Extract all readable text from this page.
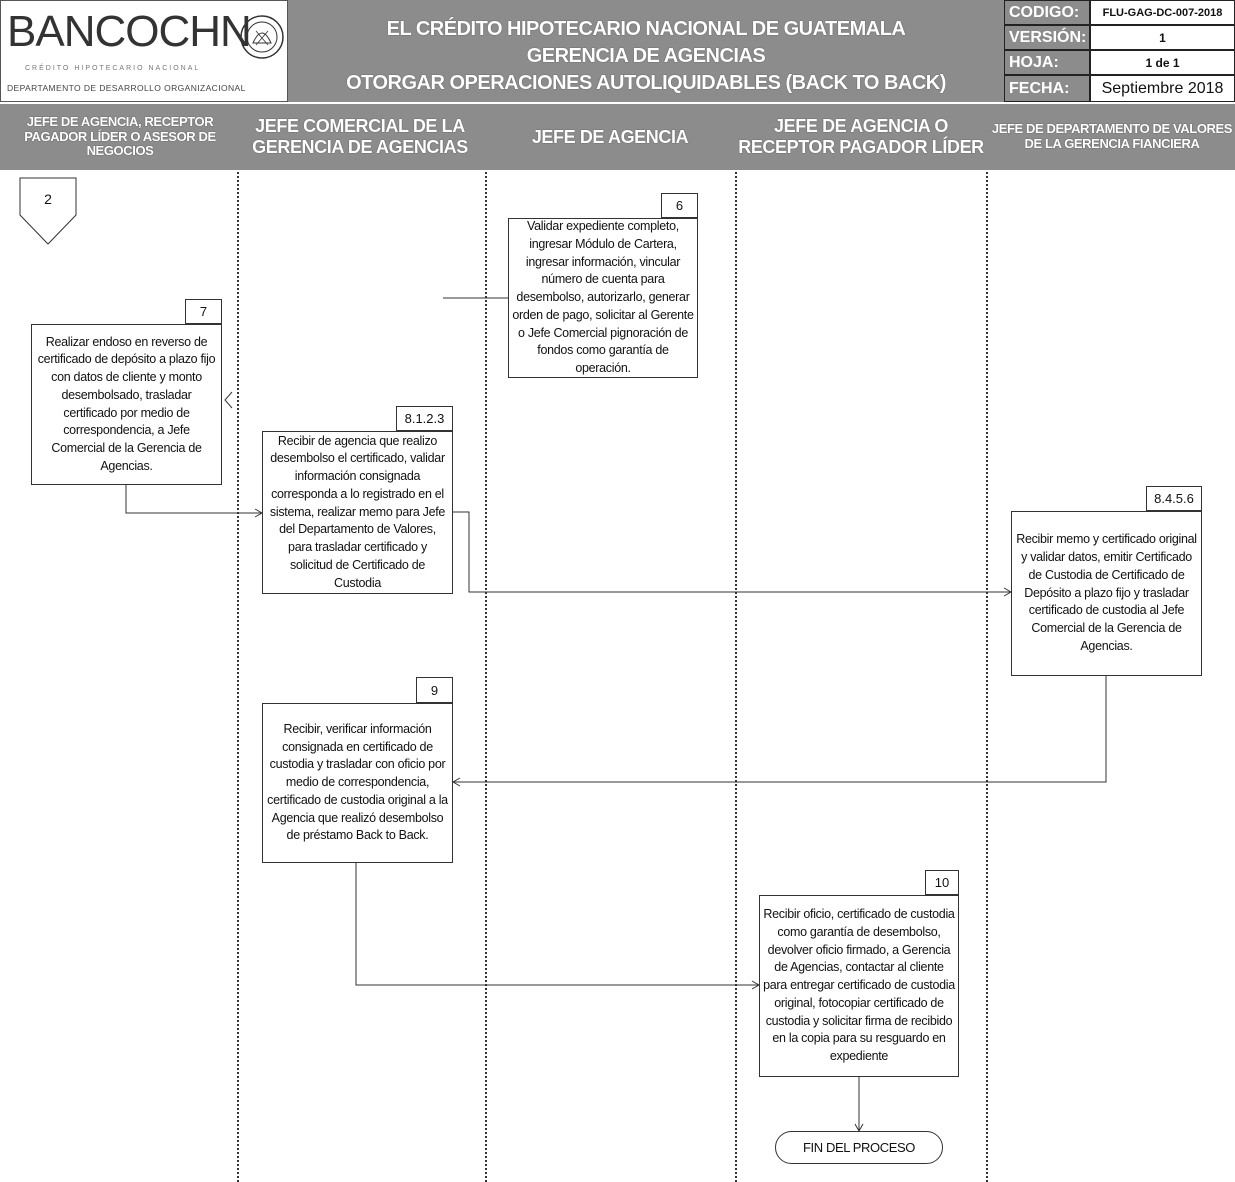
BANCOCHN
CRÉDITO HIPOTECARIO NACIONAL
DEPARTAMENTO DE DESARROLLO ORGANIZACIONAL
EL CRÉDITO HIPOTECARIO NACIONAL DE GUATEMALA
GERENCIA DE AGENCIAS
OTORGAR OPERACIONES AUTOLIQUIDABLES (BACK TO BACK)
CODIGO:	FLU-GAG-DC-007-2018
VERSIÓN:	1
HOJA:	1 de 1
FECHA:	Septiembre 2018
JEFE DE AGENCIA, RECEPTOR PAGADOR LÍDER O ASESOR DE NEGOCIOS
JEFE COMERCIAL DE LA GERENCIA DE AGENCIAS
JEFE DE AGENCIA
JEFE DE AGENCIA O RECEPTOR PAGADOR LÍDER
JEFE DE DEPARTAMENTO DE VALORES DE LA GERENCIA FIANCIERA
2	6
Validar expediente completo, ingresar Módulo de Cartera, ingresar información, vincular número de cuenta para desembolso, autorizarlo, generar orden de pago, solicitar al Gerente o Jefe Comercial pignoración de fondos como garantía de operación.
7
Realizar endoso en reverso de certificado de depósito a plazo fijo con datos de cliente y monto desembolsado, trasladar certificado por medio de correspondencia, a Jefe Comercial de la Gerencia de Agencias.
8.1.2.3
Recibir de agencia que realizo desembolso el certificado, validar información consignada corresponda a lo registrado en el sistema, realizar memo para Jefe del Departamento de Valores, para trasladar certificado y solicitud de Certificado de Custodia
8.4.5.6
Recibir memo y certificado original y validar datos, emitir Certificado de Custodia de Certificado de Depósito a plazo fijo y trasladar certificado de custodia al Jefe Comercial de la Gerencia de Agencias.
9
Recibir, verificar información consignada en certificado de custodia y trasladar con oficio por medio de correspondencia, certificado de custodia original a la Agencia que realizó desembolso de préstamo Back to Back.
10
Recibir oficio, certificado de custodia como garantía de desembolso, devolver oficio firmado, a Gerencia de Agencias, contactar al cliente para entregar certificado de custodia original, fotocopiar certificado de custodia y solicitar firma de recibido en la copia para su resguardo en expediente
FIN DEL PROCESO
